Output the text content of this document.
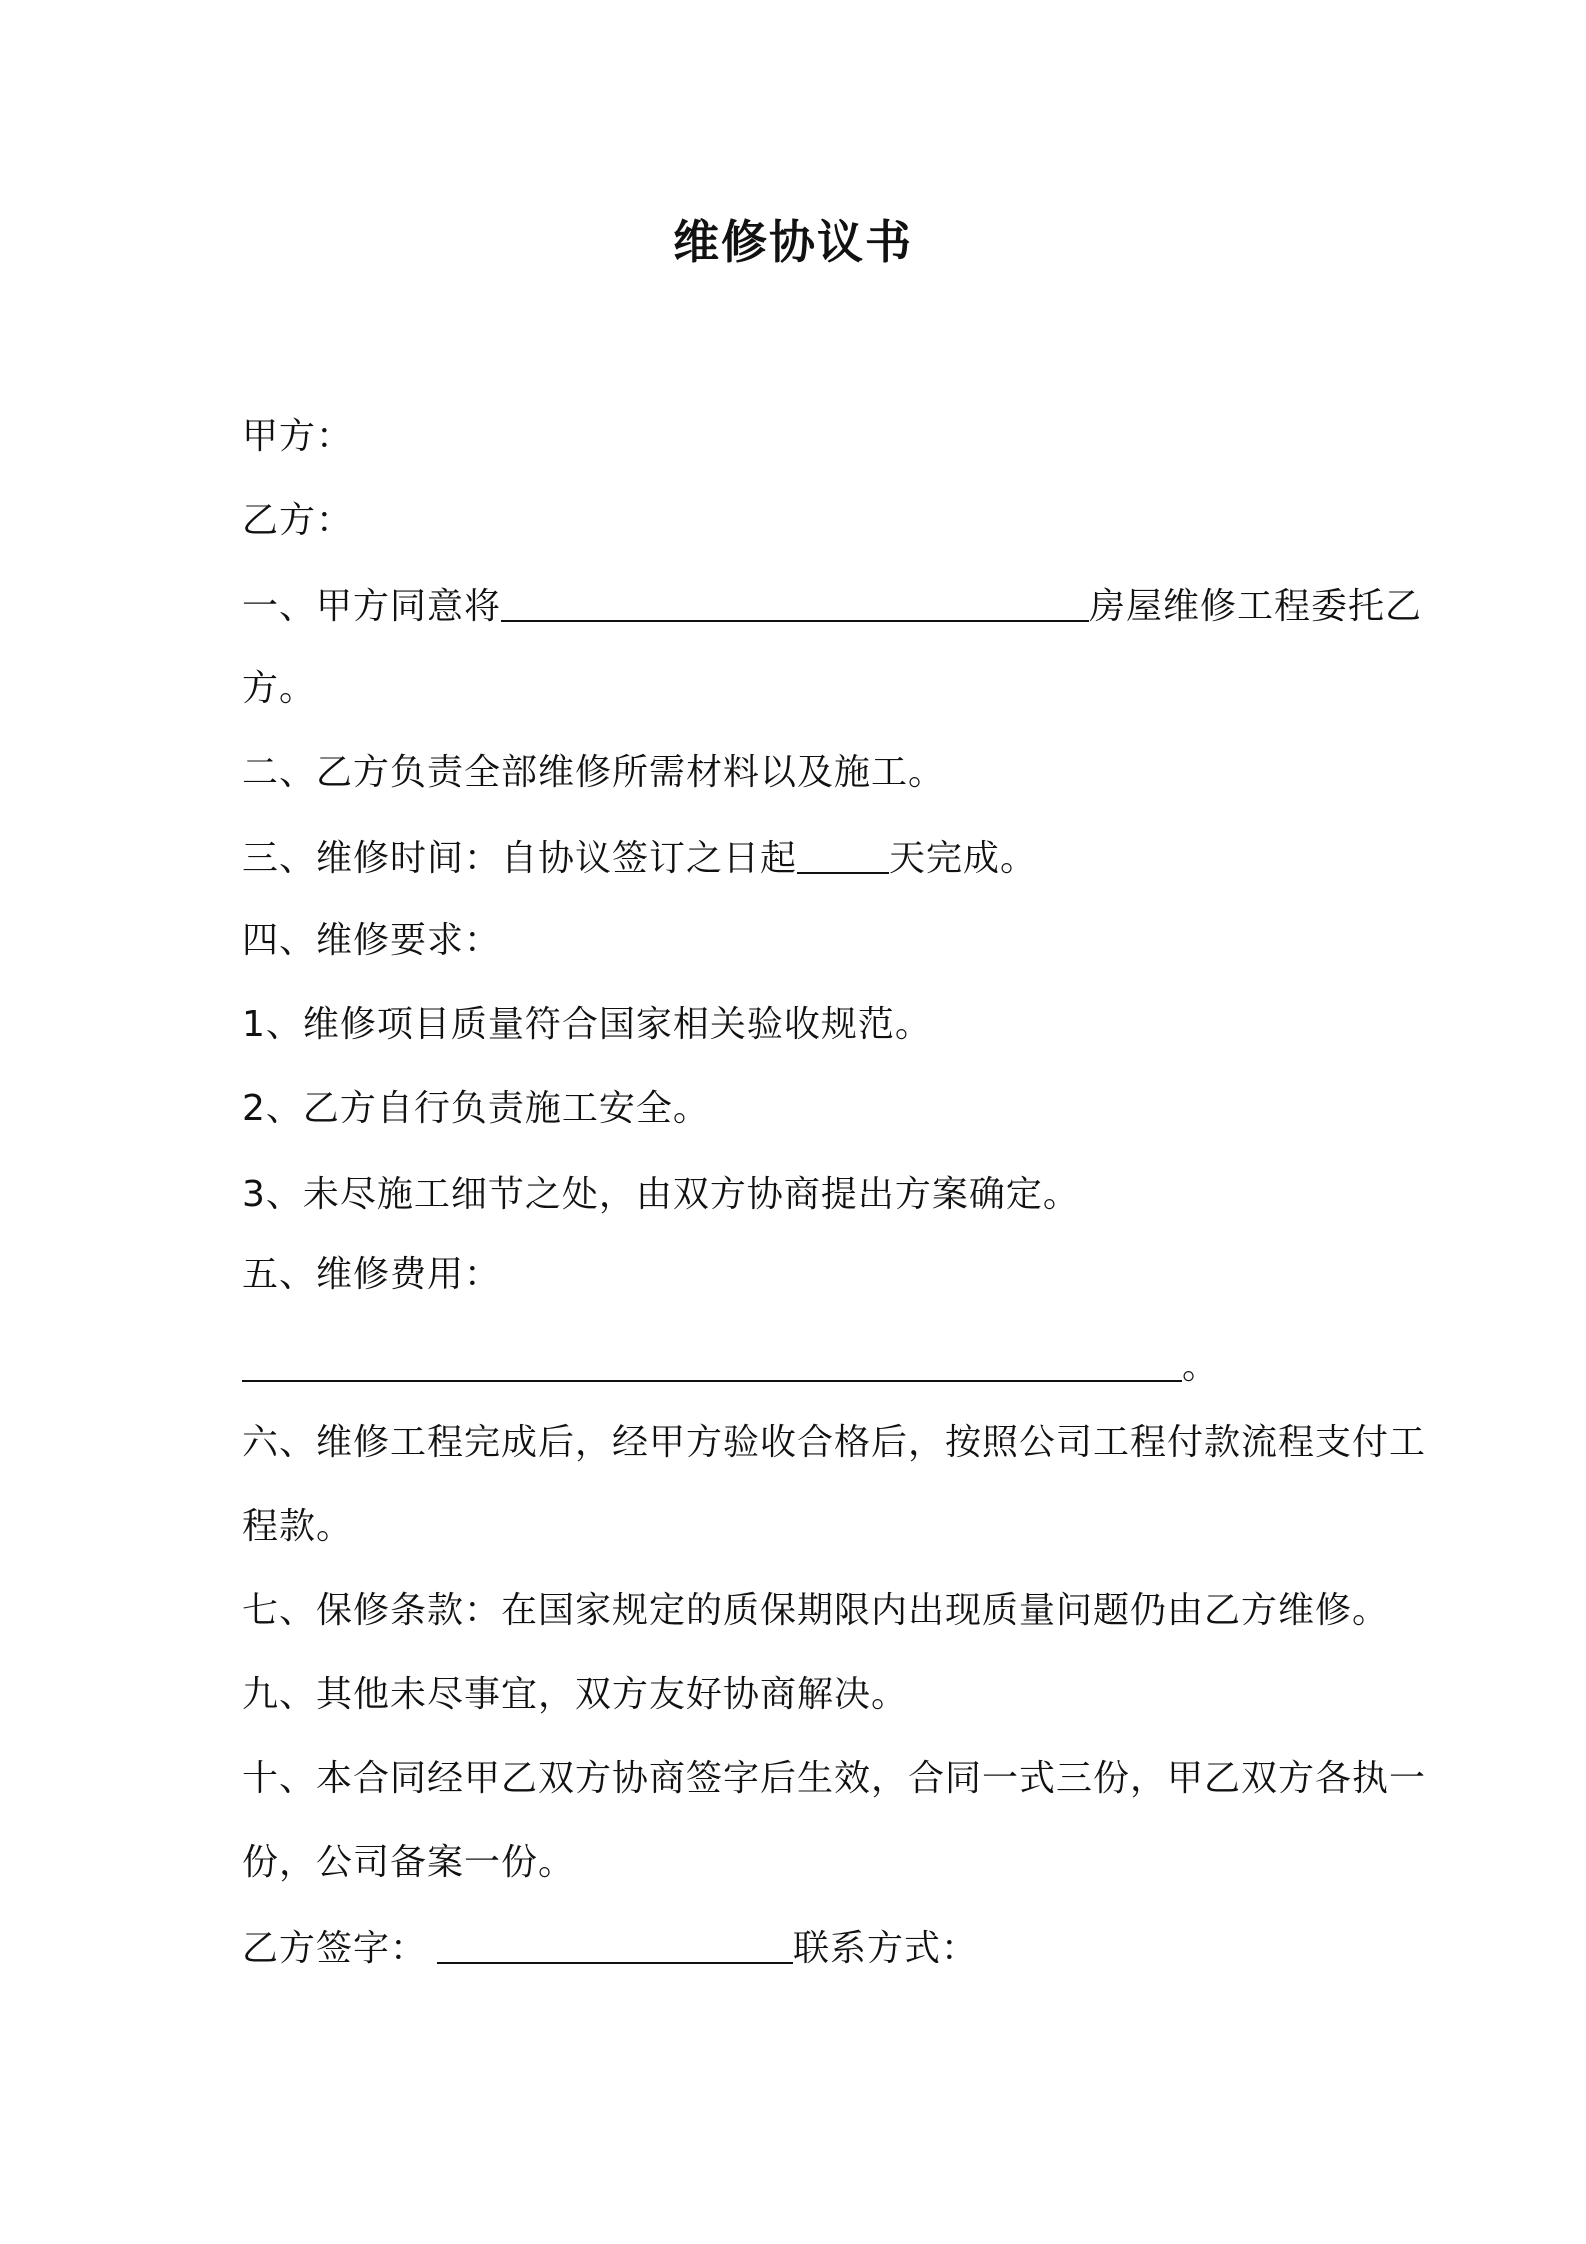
维修协议书
甲方：
乙方：
一、甲方同意将	房屋维修工程委托乙
方。
二、乙方负责全部维修所需材料以及施工。
三、维修时间：自协议签订之日起	天完成。
四、维修要求：
1、维修项目质量符合国家相关验收规范。
2、乙方自行负责施工安全。
3、未尽施工细节之处，由双方协商提出方案确定。
五、维修费用：
。
六、维修工程完成后，经甲方验收合格后，按照公司工程付款流程支付工
程款。
七、保修条款：在国家规定的质保期限内出现质量问题仍由乙方维修。
九、其他未尽事宜，双方友好协商解决。
十、本合同经甲乙双方协商签字后生效，合同一式三份，甲乙双方各执一
份，公司备案一份。
乙方签字：	联系方式：
